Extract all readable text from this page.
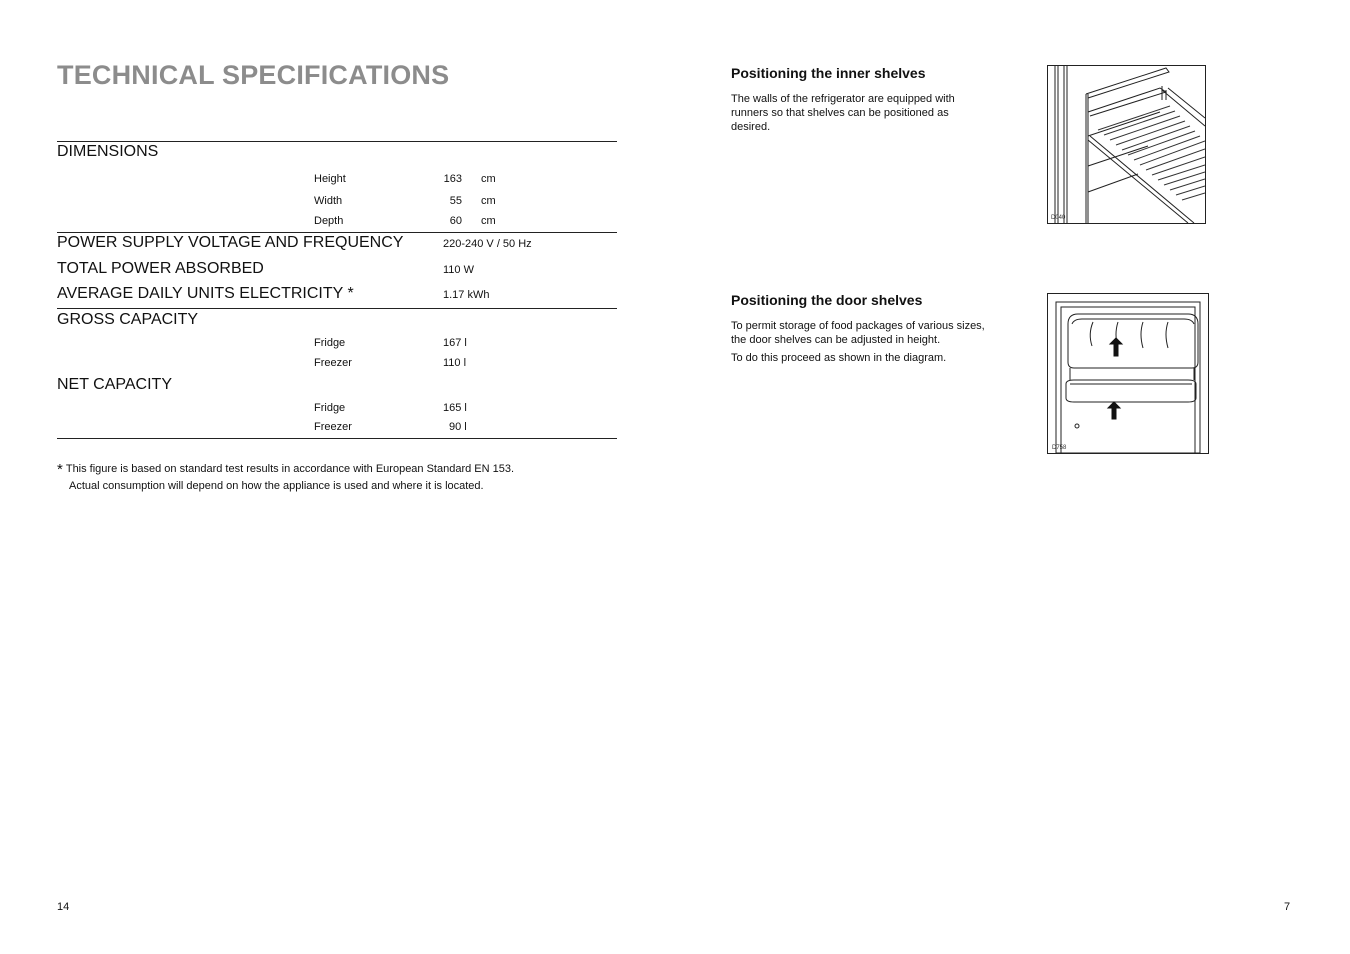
TECHNICAL SPECIFICATIONS
DIMENSIONS
Height	163 cm
Width	55 cm
Depth	60 cm
POWER SUPPLY VOLTAGE AND FREQUENCY	220-240 V / 50 Hz
TOTAL POWER ABSORBED	110 W
AVERAGE DAILY UNITS ELECTRICITY *	1.17 kWh
GROSS CAPACITY
Fridge	167 l
Freezer	110 l
NET CAPACITY
Fridge	165 l
Freezer	90 l
* This figure is based on standard test results in accordance with European Standard EN 153.
Actual consumption will depend on how the appliance is used and where it is located.
14
Positioning the inner shelves
The walls of the refrigerator are equipped with runners so that shelves can be positioned as desired.
D040
Positioning the door shelves
To permit storage of food packages of various sizes, the door shelves can be adjusted in height.
To do this proceed as shown in the diagram.
D758
7
